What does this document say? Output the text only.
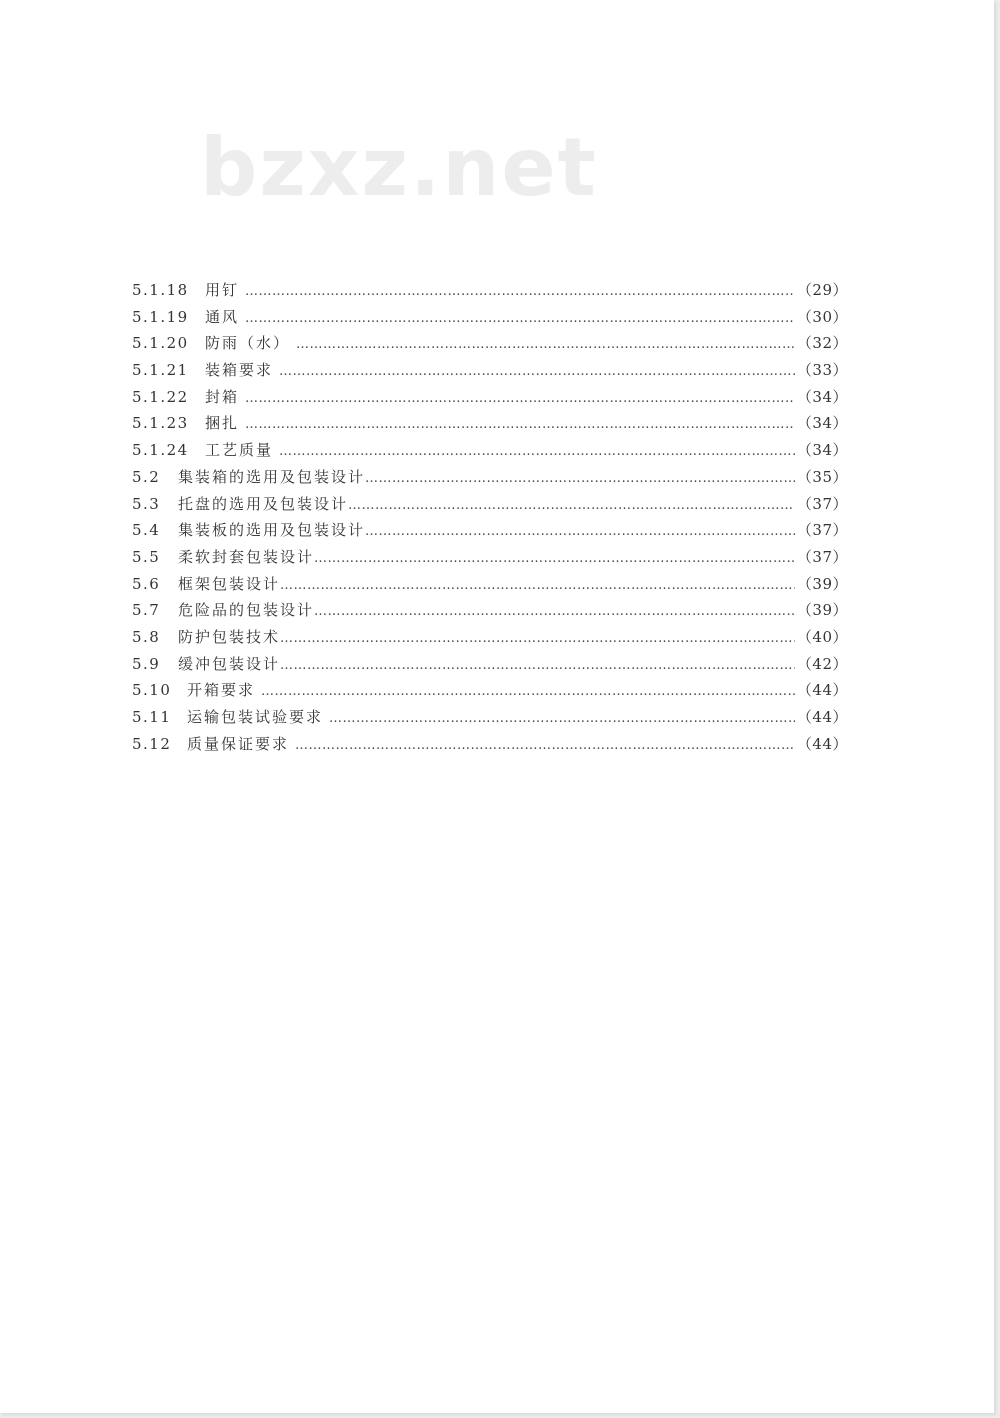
bzxz.net
5.1.18	用钉 ……………………………………………………………………………………………………………………………………………………………………………………………………………………………………………………………………………………………	（29）
5.1.19	通风 ……………………………………………………………………………………………………………………………………………………………………………………………………………………………………………………………………………………………	（30）
5.1.20	防雨（水） ……………………………………………………………………………………………………………………………………………………………………………………………………………………………………………………………………………………………	（32）
5.1.21	装箱要求 ……………………………………………………………………………………………………………………………………………………………………………………………………………………………………………………………………………………………	（33）
5.1.22	封箱 ……………………………………………………………………………………………………………………………………………………………………………………………………………………………………………………………………………………………	（34）
5.1.23	捆扎 ……………………………………………………………………………………………………………………………………………………………………………………………………………………………………………………………………………………………	（34）
5.1.24	工艺质量 ……………………………………………………………………………………………………………………………………………………………………………………………………………………………………………………………………………………………	（34）
5.2	集装箱的选用及包装设计 ……………………………………………………………………………………………………………………………………………………………………………………………………………………………………………………………………………………………	（35）
5.3	托盘的选用及包装设计 ……………………………………………………………………………………………………………………………………………………………………………………………………………………………………………………………………………………………	（37）
5.4	集装板的选用及包装设计 ……………………………………………………………………………………………………………………………………………………………………………………………………………………………………………………………………………………………	（37）
5.5	柔软封套包装设计 ……………………………………………………………………………………………………………………………………………………………………………………………………………………………………………………………………………………………	（37）
5.6	框架包装设计 ……………………………………………………………………………………………………………………………………………………………………………………………………………………………………………………………………………………………	（39）
5.7	危险品的包装设计 ……………………………………………………………………………………………………………………………………………………………………………………………………………………………………………………………………………………………	（39）
5.8	防护包装技术 ……………………………………………………………………………………………………………………………………………………………………………………………………………………………………………………………………………………………	（40）
5.9	缓冲包装设计 ……………………………………………………………………………………………………………………………………………………………………………………………………………………………………………………………………………………………	（42）
5.10	开箱要求 ……………………………………………………………………………………………………………………………………………………………………………………………………………………………………………………………………………………………	（44）
5.11	运输包装试验要求 ……………………………………………………………………………………………………………………………………………………………………………………………………………………………………………………………………………………………	（44）
5.12	质量保证要求 ……………………………………………………………………………………………………………………………………………………………………………………………………………………………………………………………………………………………	（44）
